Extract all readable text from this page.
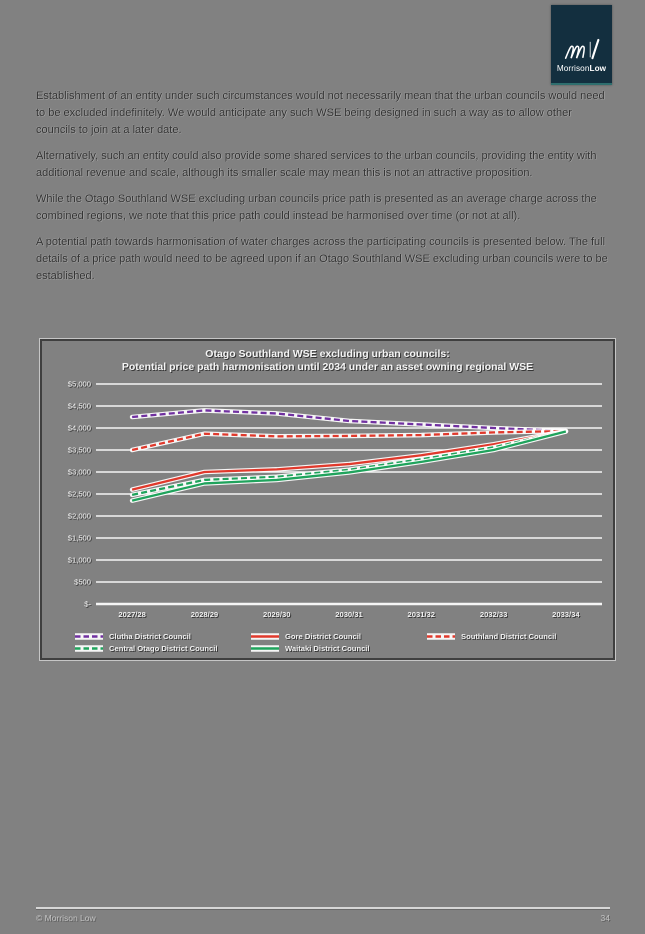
MorrisonLow

Establishment of an entity under such circumstances would not necessarily mean that the urban councils would need to be excluded indefinitely. We would anticipate any such WSE being designed in such a way as to allow other councils to join at a later date.

Alternatively, such an entity could also provide some shared services to the urban councils, providing the entity with additional revenue and scale, although its smaller scale may mean this is not an attractive proposition.

While the Otago Southland WSE excluding urban councils price path is presented as an average charge across the combined regions, we note that this price path could instead be harmonised over time (or not at all).

A potential path towards harmonisation of water charges across the participating councils is presented below. The full details of a price path would need to be agreed upon if an Otago Southland WSE excluding urban councils were to be established.

Otago Southland WSE excluding urban councils:
Potential price path harmonisation until 2034 under an asset owning regional WSE
$5,000
$4,500
$4,000
$3,500
$3,000
$2,500
$2,000
$1,500
$1,000
$500
$-
2027/28	2028/29	2029/30	2030/31	2031/32	2032/33	2033/34
Clutha District Council	Gore District Council	Southland District Council
Central Otago District Council	Waitaki District Council
© Morrison Low	34
